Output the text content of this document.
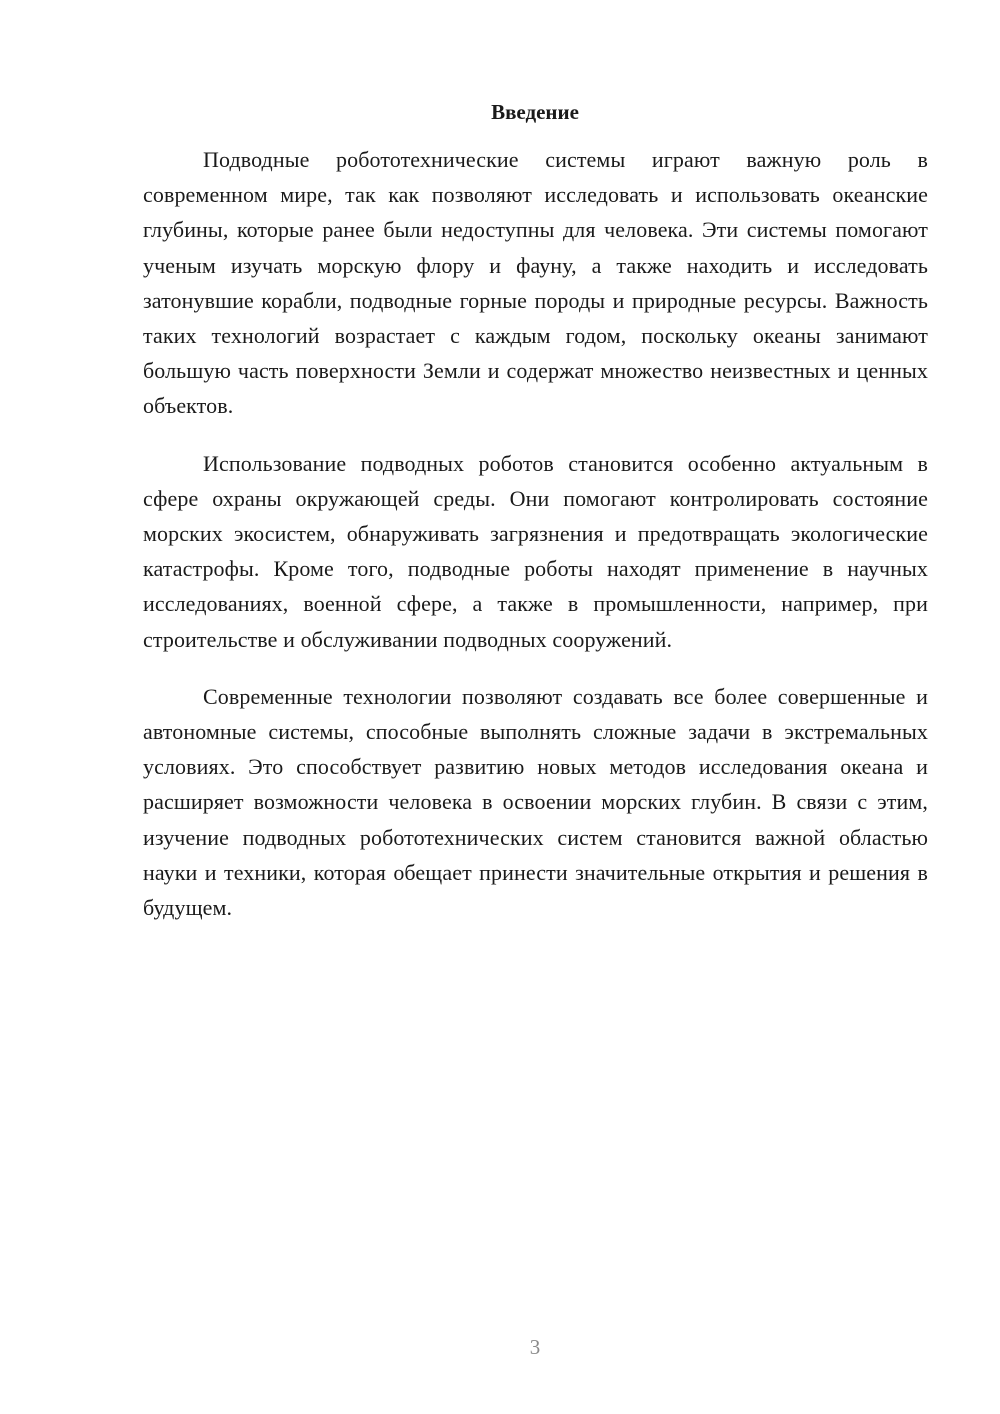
Введение

Подводные робототехнические системы играют важную роль в современном мире, так как позволяют исследовать и использовать океанские глубины, которые ранее были недоступны для человека. Эти системы помогают ученым изучать морскую флору и фауну, а также находить и исследовать затонувшие корабли, подводные горные породы и природные ресурсы. Важность таких технологий возрастает с каждым годом, поскольку океаны занимают большую часть поверхности Земли и содержат множество неизвестных и ценных объектов.

Использование подводных роботов становится особенно актуальным в сфере охраны окружающей среды. Они помогают контролировать состояние морских экосистем, обнаруживать загрязнения и предотвращать экологические катастрофы. Кроме того, подводные роботы находят применение в научных исследованиях, военной сфере, а также в промышленности, например, при строительстве и обслуживании подводных сооружений.

Современные технологии позволяют создавать все более совершенные и автономные системы, способные выполнять сложные задачи в экстремальных условиях. Это способствует развитию новых методов исследования океана и расширяет возможности человека в освоении морских глубин. В связи с этим, изучение подводных робототехнических систем становится важной областью науки и техники, которая обещает принести значительные открытия и решения в будущем.

3
